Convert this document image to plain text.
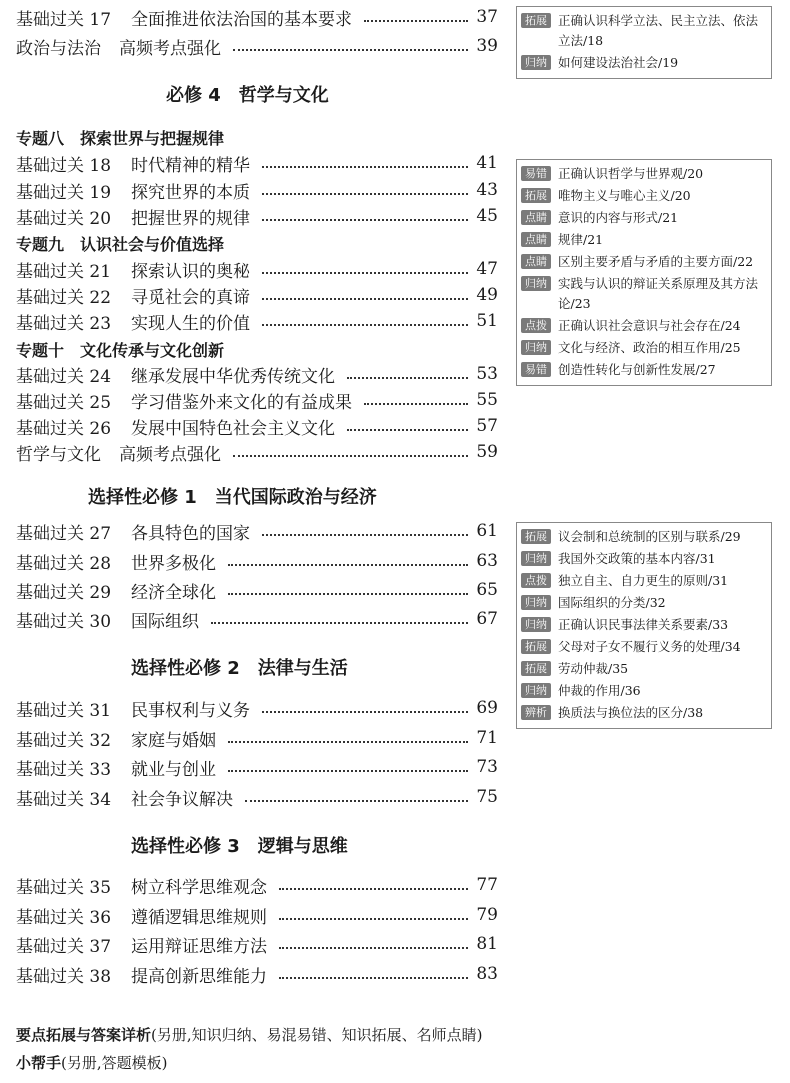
基础过关 17	全面推进依法治国的基本要求	37
政治与法治	高频考点强化	39
必修 4　哲学与文化
专题八　探索世界与把握规律
基础过关 18	时代精神的精华	41
基础过关 19	探究世界的本质	43
基础过关 20	把握世界的规律	45
专题九　认识社会与价值选择
基础过关 21	探索认识的奥秘	47
基础过关 22	寻觅社会的真谛	49
基础过关 23	实现人生的价值	51
专题十　文化传承与文化创新
基础过关 24	继承发展中华优秀传统文化	53
基础过关 25	学习借鉴外来文化的有益成果	55
基础过关 26	发展中国特色社会主义文化	57
哲学与文化	高频考点强化	59
选择性必修 1　当代国际政治与经济
基础过关 27	各具特色的国家	61
基础过关 28	世界多极化	63
基础过关 29	经济全球化	65
基础过关 30	国际组织	67
选择性必修 2　法律与生活
基础过关 31	民事权利与义务	69
基础过关 32	家庭与婚姻	71
基础过关 33	就业与创业	73
基础过关 34	社会争议解决	75
选择性必修 3　逻辑与思维
基础过关 35	树立科学思维观念	77
基础过关 36	遵循逻辑思维规则	79
基础过关 37	运用辩证思维方法	81
基础过关 38	提高创新思维能力	83
拓展 正确认识科学立法、民主立法、依法立法/18
归纳 如何建设法治社会/19
易错 正确认识哲学与世界观/20
拓展 唯物主义与唯心主义/20
点睛 意识的内容与形式/21
点睛 规律/21
点睛 区别主要矛盾与矛盾的主要方面/22
归纳 实践与认识的辩证关系原理及其方法论/23
点拨 正确认识社会意识与社会存在/24
归纳 文化与经济、政治的相互作用/25
易错 创造性转化与创新性发展/27
拓展 议会制和总统制的区别与联系/29
归纳 我国外交政策的基本内容/31
点拨 独立自主、自力更生的原则/31
归纳 国际组织的分类/32
归纳 正确认识民事法律关系要素/33
拓展 父母对子女不履行义务的处理/34
拓展 劳动仲裁/35
归纳 仲裁的作用/36
辨析 换质法与换位法的区分/38
要点拓展与答案详析(另册,知识归纳、易混易错、知识拓展、名师点睛)
小帮手(另册,答题模板)
